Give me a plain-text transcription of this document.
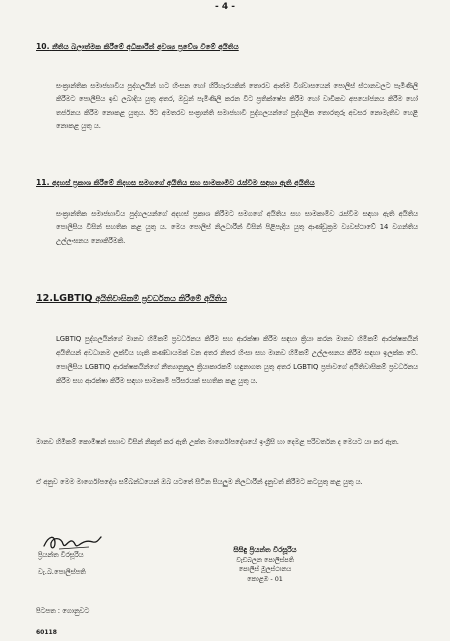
- 4 -
10. නීතිය බලාත්මක කිරීමේ අධිකාරීන් අවශ්‍ය ප්‍රවේශ වීමේ අයිතිය
සංක්‍රාන්තික සමාජභාවීය පුද්ගලයින් හට හිංසන හෝ හිරිහැරයකින් තොරව ආත්ම විශ්වාසයෙන් පොලිස් ස්ථානවලට පැමිණිලි කිරීමට පොලීසිය ඉඩ ලබාදිය යුතු අතර, ඔවුන් පැමිණිලි කරන විට ප්‍රතික්ෂේප කිරීම හෝ වාචිකව අපයෝජනය කිරීම හෝ තර්ජනය කිරීම නොකළ යුතුය. ඊට අමතරව සංක්‍රාන්ති සමාජභාවී පුද්ගලයන්ගේ පුද්ගලික තොරතුරු අවසර නොමැතිව හෙළි නොකළ යුතු ය.
11. අදහස් ප්‍රකාශ කිරීමේ නිදහස සමගගේ අයිතිය සහ සාමකාමීව රැස්වීම සඳහා ඇති අයිතිය
සංක්‍රාන්තික සමාජභාවීය පුද්ගලයන්ගේ අදහස් ප්‍රකාශ කිරීමට සමගගේ අයිතිය සහ සාමකාමීව රැස්වීම සඳහා ඇති අයිතිය පොලිසිය විසින් සහතික කළ යුතු ය. මෙය පොලිස් නිලධාරීන් විසින් පිළිපැදිය යුතු ආණ්ඩුක්‍රම ව්‍යවස්ථාවේ 14 වගන්තිය උල්ලංඝනය නොකිරීමකි.
12.LGBTIQ අයිතිවාසිකම් ප්‍රවර්ධනය කිරීමේ අයිතිය
LGBTIQ පුද්ගලයින්ගේ මානව හිමිකම් ප්‍රවර්ධනය කිරීම සහ ආරක්ෂා කිරීම සඳහා ක්‍රියා කරන මානව හිමිකම් ආරක්ෂකයින් අයිතියන් අවධානම ලක්විය හැකි කණ්ඩායමක් වන අතර නිතර හිංසා සහ මානව හිමිකම් උල්ලංඝනය කිරීම සඳහා ඉලක්ක වේ. පොලීසිය LGBTIQ ආරක්ෂකයින්ගේ නීත්‍යානුකූල ක්‍රියාකාරකම් හඳුනාගත යුතු අතර LGBTIQ ප්‍රජාවගේ අයිතිවාසිකම් ප්‍රවර්ධනය කිරීම සහ ආරක්ෂා කිරීම සඳහා සාමකාමී පරිසරයක් සහතික කළ යුතු ය.
මානව හිමිකම් කොමිෂන් සභාව විසින් නිකුත් කර ඇති උක්ත මාර්ගෝපදේශයේ ඉංග්‍රීසි හා දෙමළ පරිවර්තන ද මෙයට යා කර ඇත.
ඒ අනුව මෙම මාර්ගෝපදේශ සම්බන්ධයෙන් ඔබ යටතේ සිටින සියලුම නිලධාරීන් දැනුවත් කිරීමට කටයුතු කළ යුතු ය.
ප්‍රියන්ත වීරසූරිය
වැ.බ.පොලිස්පති
සිසිඳු ප්‍රියන්ත වීරසූරිය
වැඩබලන පොලිස්පති
පොලිස් මූලස්ථානය
කොළඹ - 01
පිටපත : ගොනුවට
60118
